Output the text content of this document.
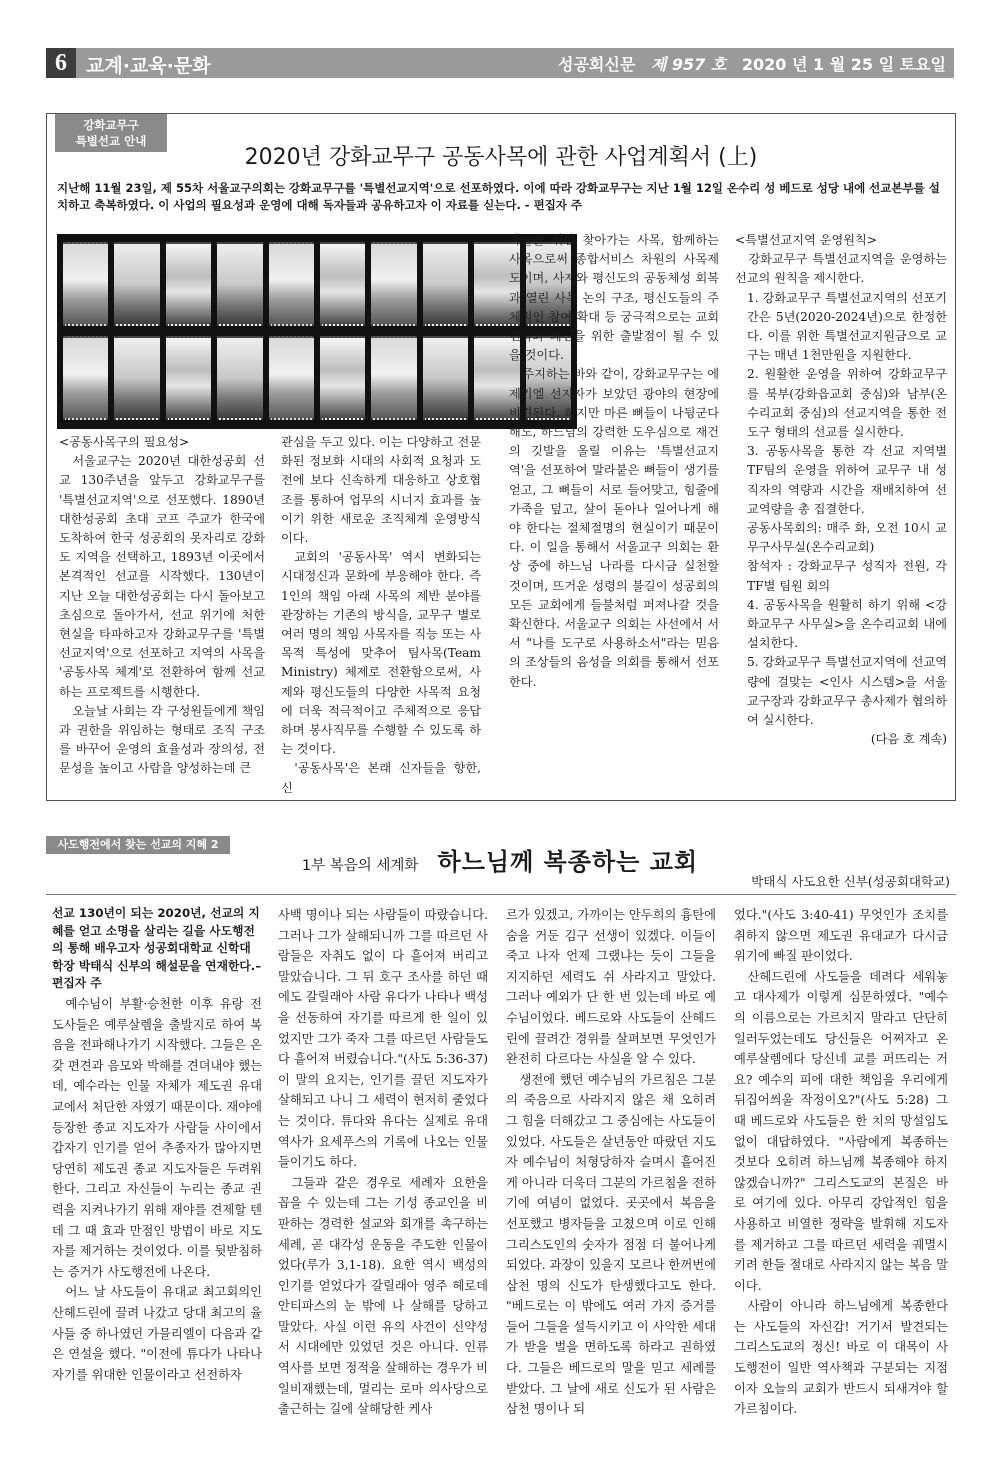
6	교계·교육·문화	성공회신문 제 957 호 2020 년 1 월 25 일 토요일
강화교무구
특별선교 안내
2020년 강화교무구 공동사목에 관한 사업계획서 (上)
지난해 11월 23일, 제 55차 서울교구의회는 강화교무구를 '특별선교지역'으로 선포하였다. 이에 따라 강화교무구는 지난 1월 12일 온수리 성 베드로 성당 내에 선교본부를 설치하고 축복하였다. 이 사업의 필요성과 운영에 대해 독자들과 공유하고자 이 자료를 싣는다. - 편집자 주

<공동사목구의 필요성>

서울교구는 2020년 대한성공회 선교 130주년을 앞두고 강화교무구를 '특별선교지역'으로 선포했다. 1890년 대한성공회 초대 코프 주교가 한국에 도착하여 한국 성공회의 못자리로 강화도 지역을 선택하고, 1893년 이곳에서 본격적인 선교를 시작했다. 130년이 지난 오늘 대한성공회는 다시 돌아보고 초심으로 돌아가서, 선교 위기에 처한 현실을 타파하고자 강화교무구를 '특별선교지역'으로 선포하고 지역의 사목을 '공동사목 체계'로 전환하여 함께 선교하는 프로젝트를 시행한다.

오늘날 사회는 각 구성원들에게 책임과 권한을 위임하는 형태로 조직 구조를 바꾸어 운영의 효율성과 장의성, 전문성을 높이고 사람을 양성하는데 큰

관심을 두고 있다. 이는 다양하고 전문화된 정보화 시대의 사회적 요청과 도전에 보다 신속하게 대응하고 상호협조를 통하여 업무의 시너지 효과를 높이기 위한 새로운 조직체계 운영방식이다.

교회의 '공동사목' 역시 변화되는 시대정신과 문화에 부응해야 한다. 즉 1인의 책임 아래 사목의 제반 분야를 관장하는 기존의 방식을, 교무구 별로 여러 명의 책임 사목자를 직능 또는 사목적 특성에 맞추어 팀사목(Team Ministry) 체제로 전환함으로써, 사제와 평신도들의 다양한 사목적 요청에 더욱 적극적이고 주체적으로 응답하며 봉사직무를 수행할 수 있도록 하는 것이다.

'공동사목'은 본래 신자들을 향한, 신

자들을 위한 찾아가는 사목, 함께하는 사목으로써 종합서비스 차원의 사목제도이며, 사제와 평신도의 공동체성 회복과 열린 사목 논의 구조, 평신도들의 주체적인 참여 확대 등 궁극적으로는 교회 변화와 쇄신을 위한 출발점이 될 수 있을 것이다.

주지하는 바와 같이, 강화교무구는 에제키엘 선지자가 보았던 광야의 현장에 비견된다. 하지만 마른 뼈들이 나뒹군다 해도, 하느님의 강력한 도우심으로 재건의 깃발을 올릴 이유는 '특별선교지역'을 선포하여 말라붙은 뼈들이 생기를 얻고, 그 뼈들이 서로 들어맞고, 힘줄에 가죽을 덮고, 살이 돋아나 일어나게 해야 한다는 절체절명의 현실이기 때문이다. 이 일을 통해서 서울교구 의회는 환상 중에 하느님 나라를 다시금 실천할 것이며, 뜨거운 성령의 불길이 성공회의 모든 교회에게 들불처럼 퍼져나갈 것을 확신한다. 서울교구 의회는 사선에서 서서 "나를 도구로 사용하소서"라는 믿음의 조상들의 음성을 의회를 통해서 선포한다.

<특별선교지역 운영원칙>

강화교무구 특별선교지역을 운영하는 선교의 원칙을 제시한다.

1. 강화교무구 특별선교지역의 선포기간은 5년(2020-2024년)으로 한정한다. 이를 위한 특별선교지원금으로 교구는 매년 1천만원을 지원한다.

2. 원활한 운영을 위하여 강화교무구를 북부(강화읍교회 중심)와 남부(온수리교회 중심)의 선교지역을 통한 전도구 형태의 선교를 실시한다.

3. 공동사목을 통한 각 선교 지역별 TF팀의 운영을 위하여 교무구 내 성직자의 역량과 시간을 재배치하여 선교역량을 총 집결한다.

공동사목회의: 매주 화, 오전 10시 교무구사무실(온수리교회)

참석자 : 강화교무구 성직자 전원, 각 TF별 팀원 회의

4. 공동사목을 원활히 하기 위해 <강화교무구 사무실>을 온수리교회 내에 설치한다.

5. 강화교무구 특별선교지역에 선교역량에 걸맞는 <인사 시스템>을 서울교구장과 강화교무구 총사제가 협의하여 실시한다.

(다음 호 계속)

사도행전에서 찾는 선교의 지혜 2
1부 복음의 세계화 하느님께 복종하는 교회
박태식 사도요한 신부(성공회대학교)
선교 130년이 되는 2020년, 선교의 지혜를 얻고 소명을 살리는 길을 사도행전의 통해 배우고자 성공회대학교 신학대학장 박태식 신부의 해설문을 연재한다.– 편집자 주

예수님이 부활·승천한 이후 유랑 전도사들은 예루살렘을 출발지로 하여 복음을 전파해나가기 시작했다. 그들은 온갖 편견과 음모와 박해를 견뎌내야 했는데, 예수라는 인물 자체가 제도권 유대교에서 처단한 자였기 때문이다. 재야에 등장한 종교 지도자가 사람들 사이에서 갑자기 인기를 얻어 추종자가 많아지면 당연히 제도권 종교 지도자들은 두려워한다. 그리고 자신들이 누리는 종교 권력을 지켜나가기 위해 재야를 견제할 텐데 그 때 효과 만점인 방법이 바로 지도자를 제거하는 것이었다. 이를 뒷받침하는 증거가 사도행전에 나온다.

어느 날 사도들이 유대교 최고회의인 산헤드린에 끌려 나갔고 당대 최고의 율사들 중 하나였던 가믈리엘이 다음과 같은 연설을 했다. "이전에 튜다가 나타나 자기를 위대한 인물이라고 선전하자

사백 명이나 되는 사람들이 따랐습니다. 그러나 그가 살해되니까 그를 따르던 사람들은 자취도 없이 다 흩어져 버리고 말았습니다. 그 뒤 호구 조사를 하던 때에도 갈릴래아 사람 유다가 나타나 백성을 선동하여 자기를 따르게 한 일이 있었지만 그가 죽자 그를 따르던 사람들도 다 흩어져 버렸습니다."(사도 5:36-37) 이 말의 요지는, 인기를 끌던 지도자가 살해되고 나니 그 세력이 현저히 줄었다는 것이다. 튜다와 유다는 실제로 유대 역사가 요세푸스의 기록에 나오는 인물들이기도 하다.

그들과 같은 경우로 세례자 요한을 꼽을 수 있는데 그는 기성 종교인을 비판하는 경력한 설교와 회개를 촉구하는 세례, 곧 대각성 운동을 주도한 인물이었다(루가 3,1-18). 요한 역시 백성의 인기를 얻었다가 갈릴래아 영주 헤로데 안티파스의 눈 밖에 나 살해를 당하고 말았다. 사실 이런 유의 사건이 신약성서 시대에만 있었던 것은 아니다. 인류 역사를 보면 정적을 살해하는 경우가 비일비재했는데, 멀리는 로마 의사당으로 출근하는 길에 살해당한 케사

르가 있겠고, 가까이는 안두희의 흉탄에 숨을 거둔 김구 선생이 있겠다. 이들이 죽고 나자 언제 그랬냐는 듯이 그들을 지지하던 세력도 쉬 사라지고 말았다. 그러나 예외가 단 한 번 있는데 바로 예수님이었다. 베드로와 사도들이 산헤드린에 끌려간 경위를 살펴보면 무엇인가 완전히 다르다는 사실을 알 수 있다.

생전에 했던 예수님의 가르침은 그분의 죽음으로 사라지지 않은 채 오히려 그 힘을 더해갔고 그 중심에는 사도들이 있었다. 사도들은 살년동안 따랐던 지도자 예수님이 처형당하자 슬며시 흩어진 게 아니라 더욱더 그분의 가르침을 전하기에 여념이 없었다. 곳곳에서 복음을 선포했고 병자들을 고쳤으며 이로 인해 그리스도인의 숫자가 점점 더 불어나게 되었다. 과장이 있을지 모르나 한꺼번에 삼천 명의 신도가 탄생했다고도 한다. "베드로는 이 밖에도 여러 가지 증거를 들어 그들을 설득시키고 이 사악한 세대가 받을 벌을 면하도록 하라고 권하였다. 그들은 베드로의 말을 믿고 세례를 받았다. 그 날에 새로 신도가 된 사람은 삼천 명이나 되

었다."(사도 3:40-41) 무엇인가 조치를 취하지 않으면 제도권 유대교가 다시금 위기에 빠질 판이었다.

산헤드린에 사도들을 데려다 세워놓고 대사제가 이렇게 심문하였다. "예수의 이름으로는 가르치지 말라고 단단히 일러두었는데도 당신들은 어쩌자고 온 예루살렘에다 당신네 교를 퍼뜨리는 거요? 예수의 피에 대한 책임을 우리에게 뒤집어씌울 작정이오?"(사도 5:28) 그 때 베드로와 사도들은 한 치의 망설임도 없이 대답하였다. "사람에게 복종하는 것보다 오히려 하느님께 복종해야 하지 않겠습니까?" 그리스도교의 본질은 바로 여기에 있다. 아무리 강압적인 힘을 사용하고 비열한 정략을 발휘해 지도자를 제거하고 그를 따르던 세력을 궤멸시키려 한들 절대로 사라지지 않는 복음 말이다.

사람이 아니라 하느님에게 복종한다는 사도들의 자신감! 거기서 발견되는 그리스도교의 정신! 바로 이 대목이 사도행전이 일반 역사책과 구분되는 지점이자 오늘의 교회가 반드시 되새겨야 할 가르침이다.
